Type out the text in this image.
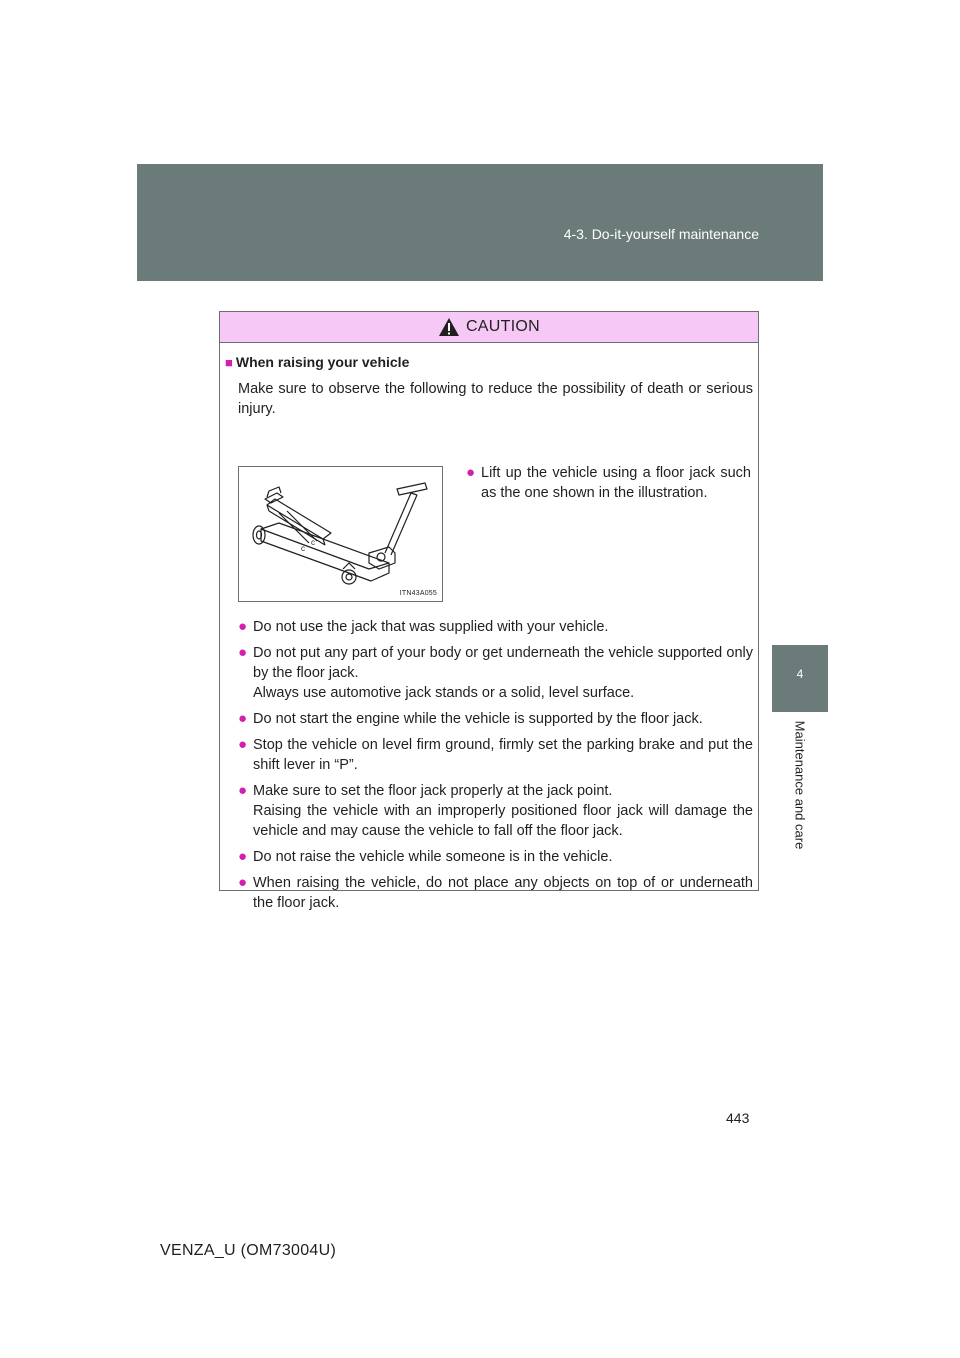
4-3. Do-it-yourself maintenance
4
Maintenance and care
CAUTION
■ When raising your vehicle
Make sure to observe the following to reduce the possibility of death or serious injury.
c
c
ITN43A055
● Lift up the vehicle using a floor jack such as the one shown in the illustration.
● Do not use the jack that was supplied with your vehicle.
● Do not put any part of your body or get underneath the vehicle supported only by the floor jack.
Always use automotive jack stands or a solid, level surface.
● Do not start the engine while the vehicle is supported by the floor jack.
● Stop the vehicle on level firm ground, firmly set the parking brake and put the shift lever in “P”.
● Make sure to set the floor jack properly at the jack point.
Raising the vehicle with an improperly positioned floor jack will damage the vehicle and may cause the vehicle to fall off the floor jack.
● Do not raise the vehicle while someone is in the vehicle.
● When raising the vehicle, do not place any objects on top of or underneath the floor jack.
443
VENZA_U (OM73004U)
